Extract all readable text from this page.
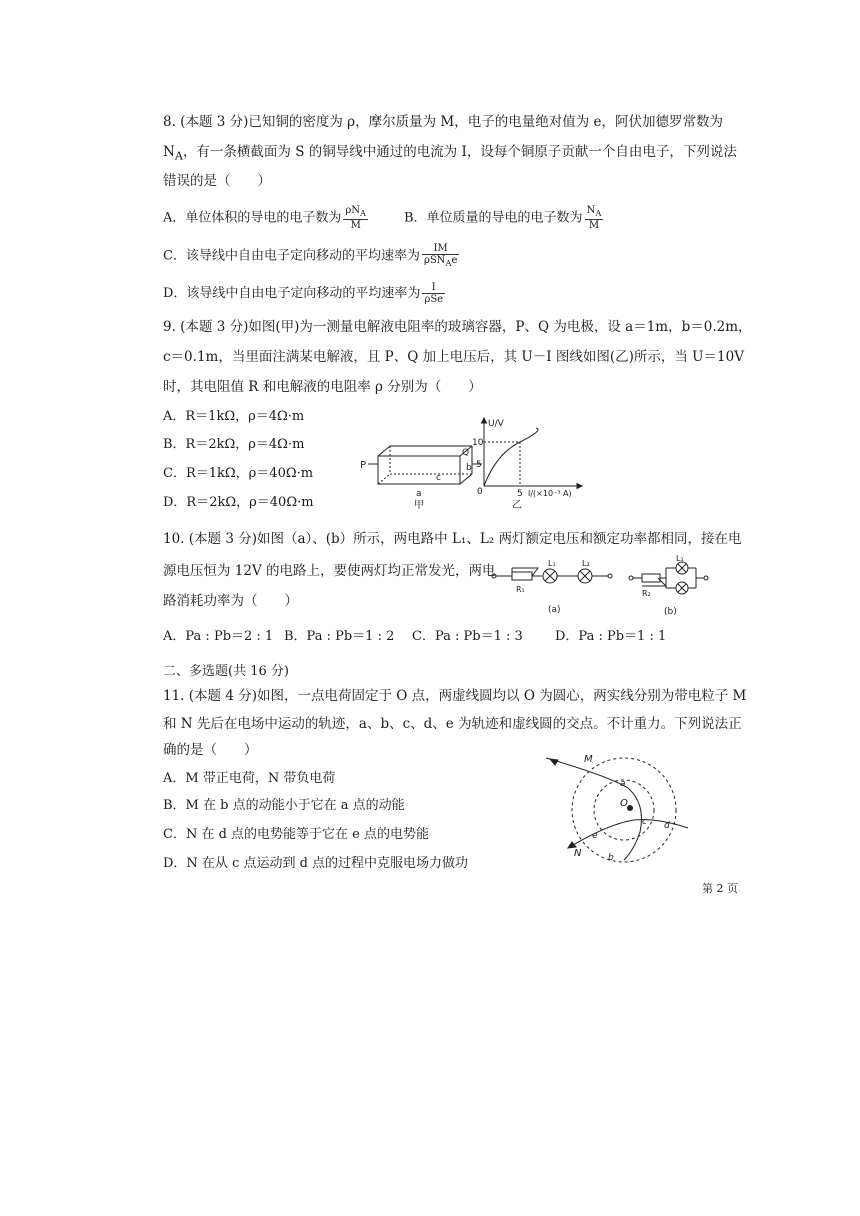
8. (本题 3 分)已知铜的密度为 ρ，摩尔质量为 M，电子的电量绝对值为 e，阿伏加德罗常数为
$N_A$，有一条横截面为 S 的铜导线中通过的电流为 I，设每个铜原子贡献一个自由电子，下列说法
错误的是（　　）
A．单位体积的导电的电子数为 $\frac{\rho N_A}{M}$	B．单位质量的导电的电子数为 $\frac{N_A}{M}$
C．该导线中自由电子定向移动的平均速率为 $\frac{IM}{\rho SN_Ae}$
D．该导线中自由电子定向移动的平均速率为 $\frac{I}{\text{ρSe}}$
9. (本题 3 分)如图(甲)为一测量电解液电阻率的玻璃容器，P、Q 为电极，设 a＝1m，b＝0.2m，
c＝0.1m，当里面注满某电解液，且 P、Q 加上电压后，其 U－I 图线如图(乙)所示，当 U＝10V
时，其电阻值 R 和电解液的电阻率 ρ 分别为（　　）
A．R＝1kΩ，ρ＝4Ω·m
B．R＝2kΩ，ρ＝4Ω·m
C．R＝1kΩ，ρ＝40Ω·m
D．R＝2kΩ，ρ＝40Ω·m
P
Q
a
c
b
甲
U/V
10
5
0	5 I/(×10⁻³ A)
乙
10. (本题 3 分)如图（a）、(b）所示，两电路中 L₁、L₂ 两灯额定电压和额定功率都相同，接在电
源电压恒为 12V 的电路上，要使两灯均正常发光，两电
路消耗功率为（　　）
R₁
L₁	L₂
(a)
L₁
R₂
(b)
A．Pa : Pb＝2 : 1 B．Pa : Pb＝1 : 2 C．Pa : Pb＝1 : 3 D．Pa : Pb＝1 : 1
二、多选题(共 16 分)
11. (本题 4 分)如图，一点电荷固定于 O 点，两虚线圆均以 O 为圆心，两实线分别为带电粒子 M
和 N 先后在电场中运动的轨迹，a、b、c、d、e 为轨迹和虚线圆的交点。不计重力。下列说法正
确的是（　　）
A．M 带正电荷，N 带负电荷
B．M 在 b 点的动能小于它在 a 点的动能
C．N 在 d 点的电势能等于它在 e 点的电势能
D．N 在从 c 点运动到 d 点的过程中克服电场力做功
O
M
N
a
b
c d
e
第 2 页
